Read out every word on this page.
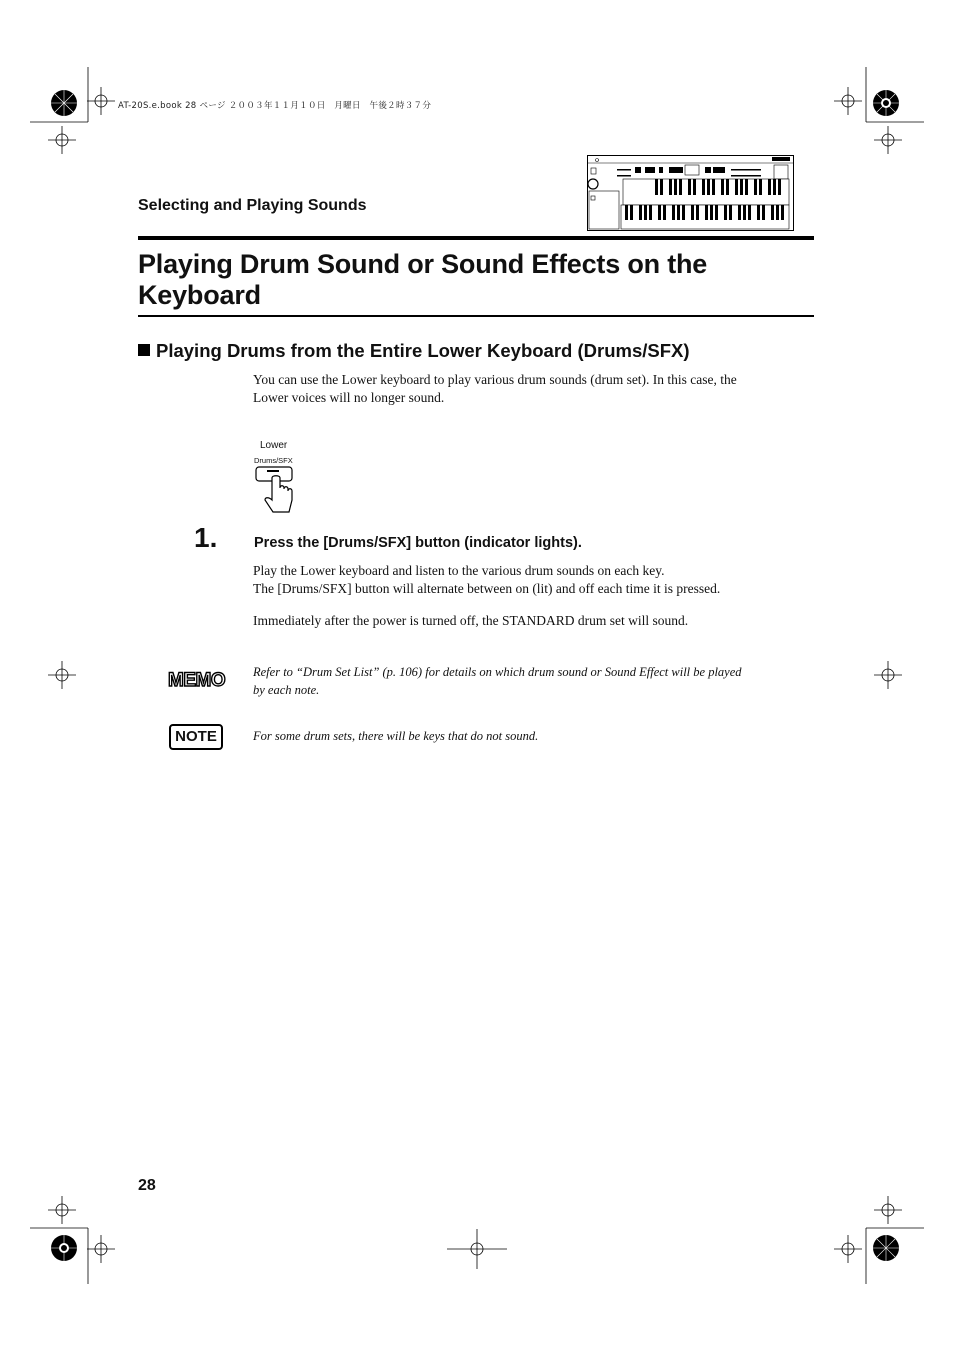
AT-20S.e.book 28 ページ ２００３年１１月１０日　月曜日　午後２時３７分
Selecting and Playing Sounds
Playing Drum Sound or Sound Effects on the Keyboard
Playing Drums from the Entire Lower Keyboard (Drums/SFX)
You can use the Lower keyboard to play various drum sounds (drum set). In this case, the Lower voices will no longer sound.
Lower
Drums/SFX
1.	Press the [Drums/SFX] button (indicator lights).
Play the Lower keyboard and listen to the various drum sounds on each key.
The [Drums/SFX] button will alternate between on (lit) and off each time it is pressed.
Immediately after the power is turned off, the STANDARD drum set will sound.
MEMO Refer to “Drum Set List” (p. 106) for details on which drum sound or Sound Effect will be played by each note.
NOTE	For some drum sets, there will be keys that do not sound.
28
